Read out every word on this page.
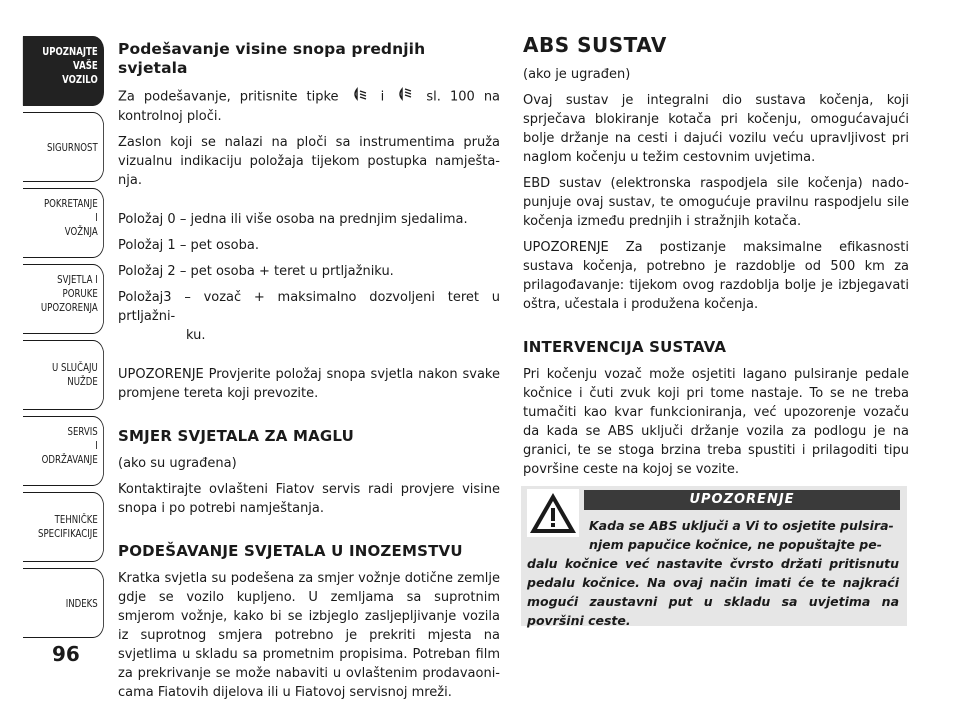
UPOZNAJTE
VAŠE
VOZILO
SIGURNOST
POKRETANJE
I
VOŽNJA
SVJETLA I
PORUKE
UPOZORENJA
U SLUČAJU
NUŽDE
SERVIS
I
ODRŽAVANJE
TEHNIČKE
SPECIFIKACIJE
INDEKS
96
Podešavanje visine snopa prednjih svjetala

Za podešavanje, pritisnite tipke	i	sl. 100 na kontrolnoj ploči.

Zaslon koji se nalazi na ploči sa instrumentima pruža vizualnu indikaciju položaja tijekom postupka namješta-nja.

Položaj 0 – jedna ili više osoba na prednjim sjedalima.

Položaj 1 – pet osoba.

Položaj 2 – pet osoba + teret u prtljažniku.

Položaj3 – vozač + maksimalno dozvoljeni teret u prtljažni-

ku.

UPOZORENJE Provjerite položaj snopa svjetla nakon svake promjene tereta koji prevozite.

SMJER SVJETALA ZA MAGLU

(ako su ugrađena)

Kontaktirajte ovlašteni Fiatov servis radi provjere visine snopa i po potrebi namještanja.

PODEŠAVANJE SVJETALA U INOZEMSTVU

Kratka svjetla su podešena za smjer vožnje dotične zemlje gdje se vozilo kupljeno. U zemljama sa suprotnim smjerom vožnje, kako bi se izbjeglo zasljepljivanje vozila iz suprotnog smjera potrebno je prekriti mjesta na svjetlima u skladu sa prometnim propisima. Potreban film za prekrivanje se može nabaviti u ovlaštenim prodavaoni-cama Fiatovih dijelova ili u Fiatovoj servisnoj mreži.

ABS SUSTAV

(ako je ugrađen)

Ovaj sustav je integralni dio sustava kočenja, koji sprječava blokiranje kotača pri kočenju, omogućavajući bolje držanje na cesti i dajući vozilu veću upravljivost pri naglom kočenju u težim cestovnim uvjetima.

EBD sustav (elektronska raspodjela sile kočenja) nado-punjuje ovaj sustav, te omogućuje pravilnu raspodjelu sile kočenja između prednjih i stražnjih kotača.

UPOZORENJE Za postizanje maksimalne efikasnosti sustava kočenja, potrebno je razdoblje od 500 km za prilagođavanje: tijekom ovog razdoblja bolje je izbjegavati oštra, učestala i produžena kočenja.

INTERVENCIJA SUSTAVA

Pri kočenju vozač može osjetiti lagano pulsiranje pedale kočnice i čuti zvuk koji pri tome nastaje. To se ne treba tumačiti kao kvar funkcioniranja, već upozorenje vozaču da kada se ABS uključi držanje vozila za podlogu je na granici, te se stoga brzina treba spustiti i prilagoditi tipu površine ceste na kojoj se vozite.

UPOZORENJE

Kada se ABS uključi a Vi to osjetite pulsira-

njem papučice kočnice, ne popuštajte pe-

dalu kočnice već nastavite čvrsto držati pritisnutu pedalu kočnice. Na ovaj način imati će te najkraći mogući zaustavni put u skladu sa uvjetima na površini ceste.
